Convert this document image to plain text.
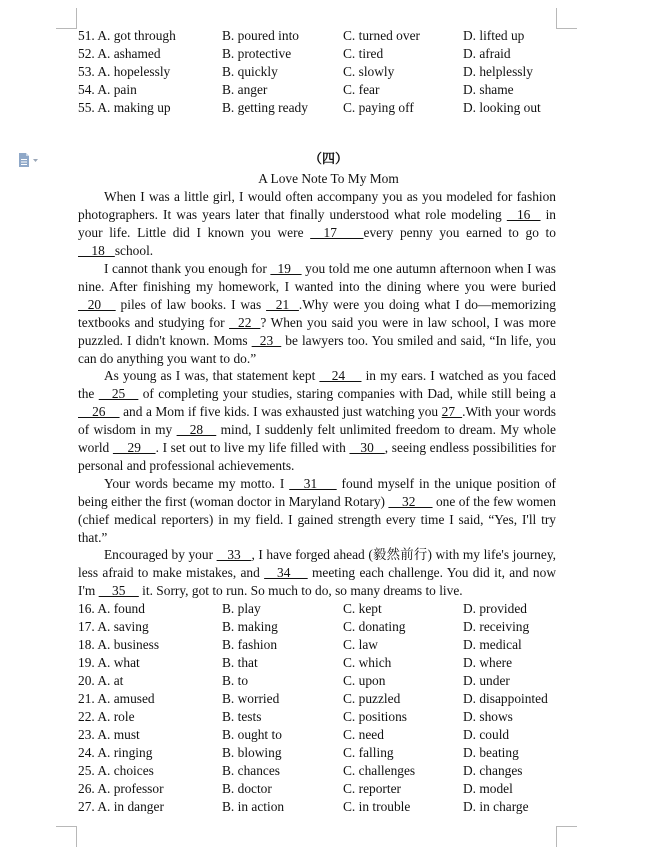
51. A. got through	B. poured into	C. turned over	D. lifted up
52. A. ashamed	B. protective	C. tired	D. afraid
53. A. hopelessly	B. quickly	C. slowly	D. helplessly
54. A. pain	B. anger	C. fear	D. shame
55. A. making up	B. getting ready	C. paying off	D. looking out
（四）
A Love Note To My Mom
When I was a little girl, I would often accompany you as you modeled for fashion photographers. It was years later that finally understood what role modeling   16   in your life. Little did I known you were   17    every penny you earned to go to     18   school.
I cannot thank you enough for   19    you told me one autumn afternoon when I was nine. After finishing my homework, I wanted into the dining where you were buried   20    piles of law books. I was   21  .Why were you doing what I do—memorizing textbooks and studying for   22  ? When you said you were in law school, I was more puzzled. I didn't known. Moms   23   be lawyers too. You smiled and said, “In life, you can do anything you want to do.”
As young as I was, that statement kept    24     in my ears. I watched as you faced the    25    of completing your studies, staring companies with Dad, while still being a     26     and a Mom if five kids. I was exhausted just watching you 27  .With your words of wisdom in my    28    mind, I suddenly felt unlimited freedom to dream. My whole world     29    . I set out to live my life filled with    30   , seeing endless possibilities for personal and professional achievements.
Your words became my motto. I    31     found myself in the unique position of being either the first (woman doctor in Maryland Rotary)     32      one of the few women (chief medical reporters) in my field. I gained strength every time I said, “Yes, I'll try that.”
Encouraged by your    33   , I have forged ahead (毅然前行) with my life's journey, less afraid to make mistakes, and    34     meeting each challenge. You did it, and now I'm     35     it. Sorry, got to run. So much to do, so many dreams to live.
16. A. found	B. play	C. kept	D. provided
17. A. saving	B. making	C. donating	D. receiving
18. A. business	B. fashion	C. law	D. medical
19. A. what	B. that	C. which	D. where
20. A. at	B. to	C. upon	D. under
21. A. amused	B. worried	C. puzzled	D. disappointed
22. A. role	B. tests	C. positions	D. shows
23. A. must	B. ought to	C. need	D. could
24. A. ringing	B. blowing	C. falling	D. beating
25. A. choices	B. chances	C. challenges	D. changes
26. A. professor	B. doctor	C. reporter	D. model
27. A. in danger	B. in action	C. in trouble	D. in charge
